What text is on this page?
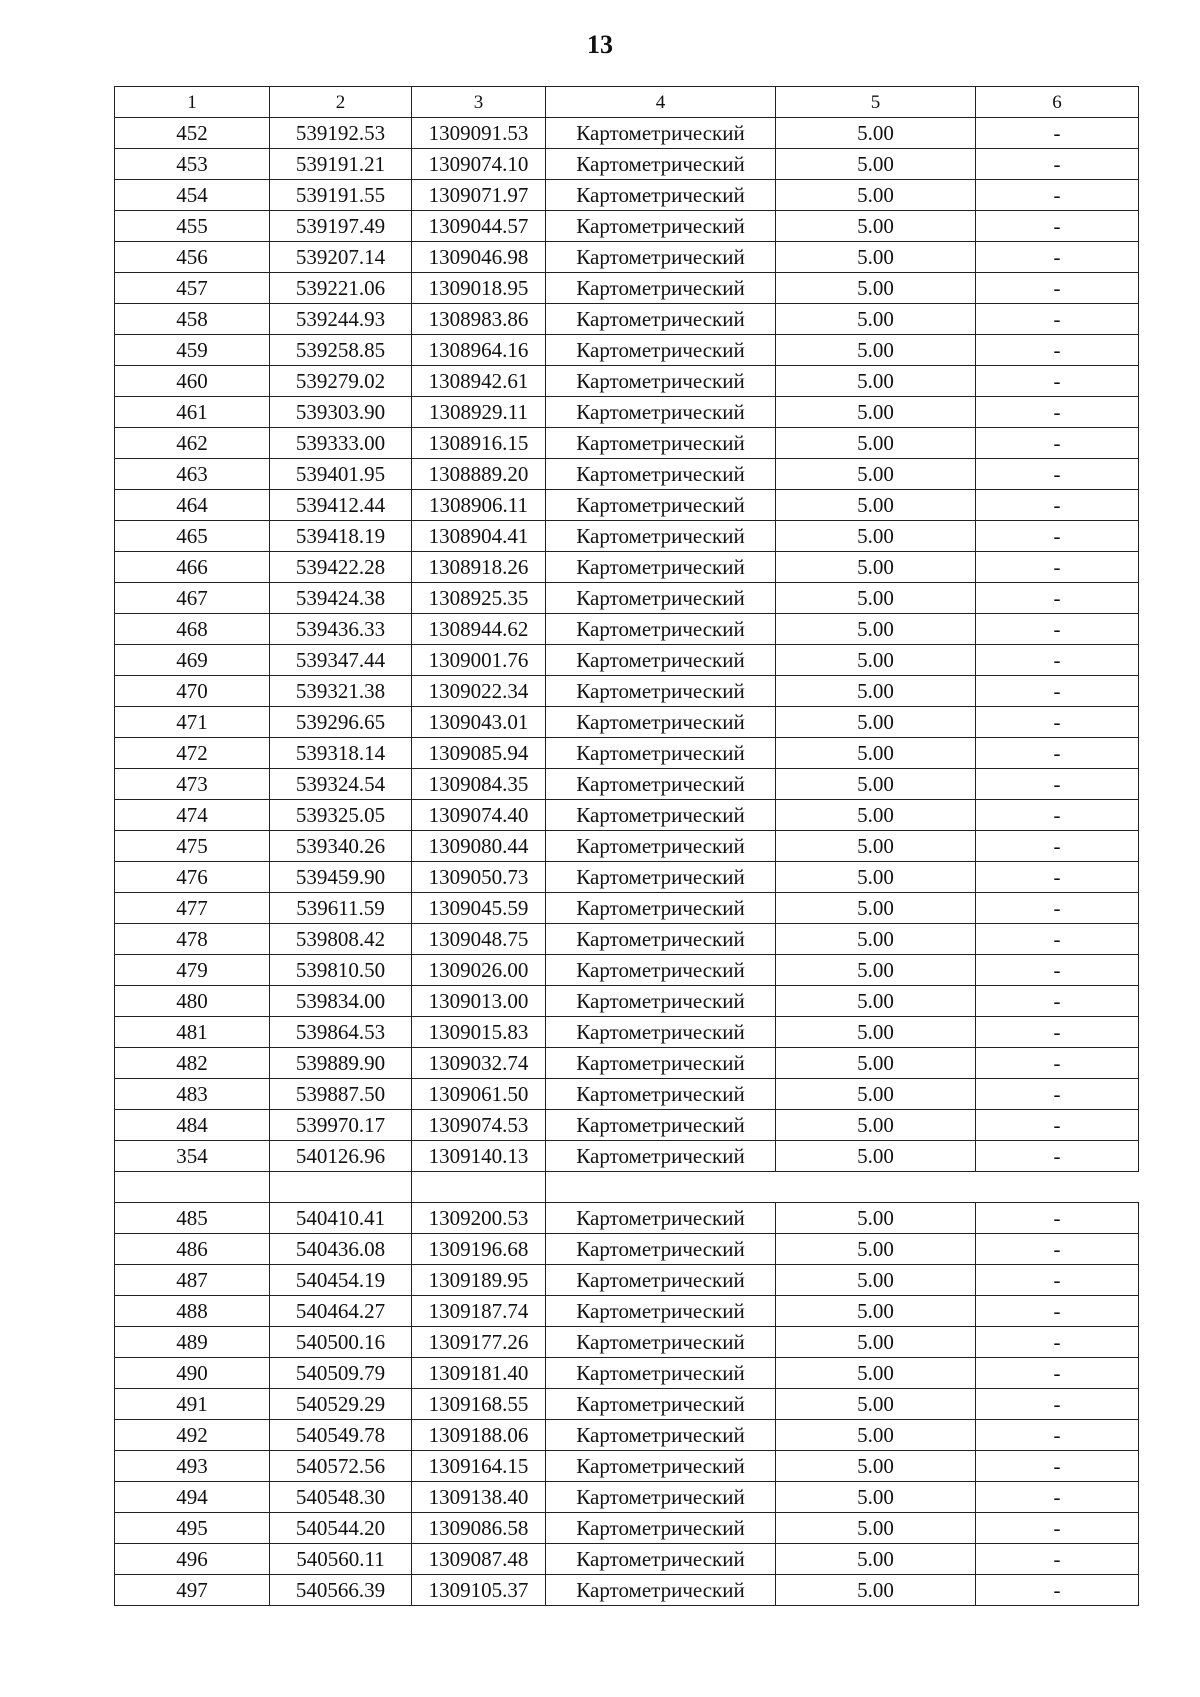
13
1	2	3	4	5	6
452	539192.53	1309091.53	Картометрический	5.00	-
453	539191.21	1309074.10	Картометрический	5.00	-
454	539191.55	1309071.97	Картометрический	5.00	-
455	539197.49	1309044.57	Картометрический	5.00	-
456	539207.14	1309046.98	Картометрический	5.00	-
457	539221.06	1309018.95	Картометрический	5.00	-
458	539244.93	1308983.86	Картометрический	5.00	-
459	539258.85	1308964.16	Картометрический	5.00	-
460	539279.02	1308942.61	Картометрический	5.00	-
461	539303.90	1308929.11	Картометрический	5.00	-
462	539333.00	1308916.15	Картометрический	5.00	-
463	539401.95	1308889.20	Картометрический	5.00	-
464	539412.44	1308906.11	Картометрический	5.00	-
465	539418.19	1308904.41	Картометрический	5.00	-
466	539422.28	1308918.26	Картометрический	5.00	-
467	539424.38	1308925.35	Картометрический	5.00	-
468	539436.33	1308944.62	Картометрический	5.00	-
469	539347.44	1309001.76	Картометрический	5.00	-
470	539321.38	1309022.34	Картометрический	5.00	-
471	539296.65	1309043.01	Картометрический	5.00	-
472	539318.14	1309085.94	Картометрический	5.00	-
473	539324.54	1309084.35	Картометрический	5.00	-
474	539325.05	1309074.40	Картометрический	5.00	-
475	539340.26	1309080.44	Картометрический	5.00	-
476	539459.90	1309050.73	Картометрический	5.00	-
477	539611.59	1309045.59	Картометрический	5.00	-
478	539808.42	1309048.75	Картометрический	5.00	-
479	539810.50	1309026.00	Картометрический	5.00	-
480	539834.00	1309013.00	Картометрический	5.00	-
481	539864.53	1309015.83	Картометрический	5.00	-
482	539889.90	1309032.74	Картометрический	5.00	-
483	539887.50	1309061.50	Картометрический	5.00	-
484	539970.17	1309074.53	Картометрический	5.00	-
354	540126.96	1309140.13	Картометрический	5.00	-

485	540410.41	1309200.53	Картометрический	5.00	-
486	540436.08	1309196.68	Картометрический	5.00	-
487	540454.19	1309189.95	Картометрический	5.00	-
488	540464.27	1309187.74	Картометрический	5.00	-
489	540500.16	1309177.26	Картометрический	5.00	-
490	540509.79	1309181.40	Картометрический	5.00	-
491	540529.29	1309168.55	Картометрический	5.00	-
492	540549.78	1309188.06	Картометрический	5.00	-
493	540572.56	1309164.15	Картометрический	5.00	-
494	540548.30	1309138.40	Картометрический	5.00	-
495	540544.20	1309086.58	Картометрический	5.00	-
496	540560.11	1309087.48	Картометрический	5.00	-
497	540566.39	1309105.37	Картометрический	5.00	-
